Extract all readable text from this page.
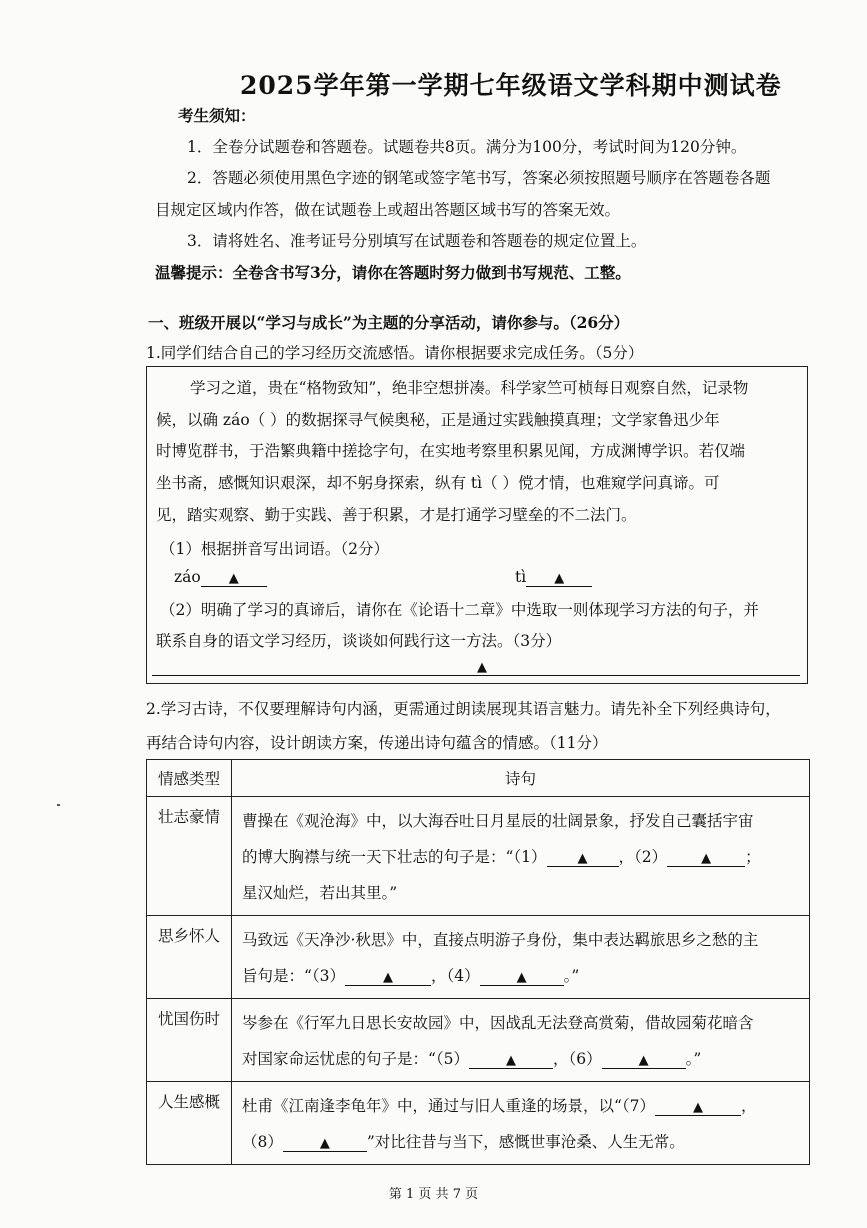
2025学年第一学期七年级语文学科期中测试卷
考生须知：
1．全卷分试题卷和答题卷。试题卷共8页。满分为100分，考试时间为120分钟。
2．答题必须使用黑色字迹的钢笔或签字笔书写，答案必须按照题号顺序在答题卷各题
目规定区域内作答，做在试题卷上或超出答题区域书写的答案无效。
3．请将姓名、准考证号分别填写在试题卷和答题卷的规定位置上。
温馨提示：全卷含书写3分，请你在答题时努力做到书写规范、工整。
一、班级开展以“学习与成长”为主题的分享活动，请你参与。（26分）
1.同学们结合自己的学习经历交流感悟。请你根据要求完成任务。（5分）
学习之道，贵在“格物致知”，绝非空想拼凑。科学家竺可桢每日观察自然，记录物
候，以确 záo（ ）的数据探寻气候奥秘，正是通过实践触摸真理；文学家鲁迅少年
时博览群书，于浩繁典籍中搓捻字句，在实地考察里积累见闻，方成渊博学识。若仅端
坐书斋，感慨知识艰深，却不躬身探索，纵有 tì（ ）傥才情，也难窥学问真谛。可
见，踏实观察、勤于实践、善于积累，才是打通学习壁垒的不二法门。
（1）根据拼音写出词语。（2分）
záo ▲	tì ▲
（2）明确了学习的真谛后，请你在《论语十二章》中选取一则体现学习方法的句子，并
联系自身的语文学习经历，谈谈如何践行这一方法。（3分）
▲
2.学习古诗，不仅要理解诗句内涵，更需通过朗读展现其语言魅力。请先补全下列经典诗句，
再结合诗句内容，设计朗读方案，传递出诗句蕴含的情感。（11分）
情感类型	诗句
壮志豪情	曹操在《观沧海》中，以大海吞吐日月星辰的壮阔景象，抒发自己囊括宇宙
的博大胸襟与统一天下壮志的句子是：“（1） ▲ ，（2） ▲ ；
星汉灿烂，若出其里。”

思乡怀人	马致远《天净沙·秋思》中，直接点明游子身份，集中表达羁旅思乡之愁的主
旨句是：“（3） ▲ ，（4） ▲ 。”

忧国伤时	岑参在《行军九日思长安故园》中，因战乱无法登高赏菊，借故园菊花暗含
对国家命运忧虑的句子是：“（5） ▲ ，（6） ▲ 。”

人生感概	杜甫《江南逢李龟年》中，通过与旧人重逢的场景，以“（7） ▲ ，
（8） ▲ ”对比往昔与当下，感慨世事沧桑、人生无常。
第 1 页 共 7 页
